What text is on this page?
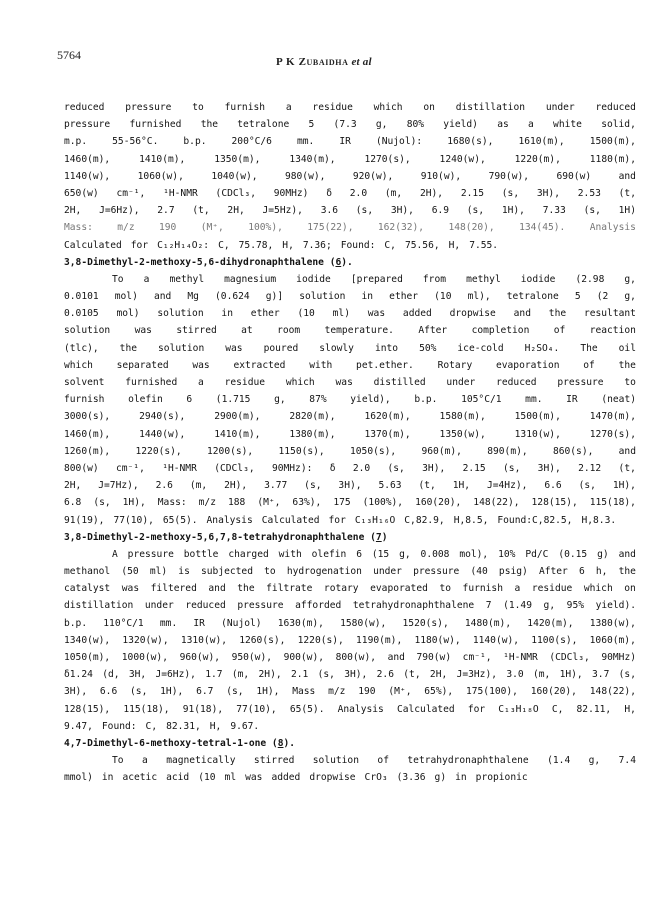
5764	P K Zubaidha et al
reduced pressure to furnish a residue which on distillation under reduced
pressure furnished the tetralone 5 (7.3 g, 80% yield) as a white solid,
m.p.	55-56°C.	b.p.	200°C/6	mm.	IR	(Nujol):	1680(s),	1610(m),	1500(m),
1460(m),	1410(m),	1350(m),	1340(m),	1270(s),	1240(w),	1220(m),	1180(m),
1140(w),	1060(w),	1040(w),	980(w),	920(w),	910(w),	790(w),	690(w)	and
650(w) cm⁻¹, ¹H-NMR (CDCl₃, 90MHz) δ 2.0 (m, 2H), 2.15 (s, 3H), 2.53 (t,
2H, J=6Hz), 2.7 (t, 2H, J=5Hz), 3.6 (s, 3H), 6.9 (s, 1H), 7.33 (s, 1H)
Mass:	m/z	190	(M⁺,	100%),	175(22),	162(32),	148(20),	134(45).	Analysis
Calculated for C₁₂H₁₄O₂: C, 75.78, H, 7.36; Found: C, 75.56, H, 7.55.
3,8-Dimethyl-2-methoxy-5,6-dihydronaphthalene ( 6 ).
To a methyl magnesium iodide [prepared from methyl iodide (2.98 g,
0.0101 mol) and Mg (0.624 g)] solution in ether (10 ml), tetralone 5 (2 g,
0.0105 mol) solution in ether (10 ml) was added dropwise and the resultant
solution	was	stirred	at	room	temperature.	After	completion	of	reaction
(tlc), the solution was poured slowly into 50% ice-cold H₂SO₄. The oil
which separated was extracted with pet.ether. Rotary evaporation of the
solvent furnished a residue which was distilled under reduced pressure to
furnish olefin 6 (1.715 g, 87% yield), b.p. 105°C/1 mm. IR (neat)
3000(s),	2940(s),	2900(m),	2820(m),	1620(m),	1580(m),	1500(m),	1470(m),
1460(m),	1440(w),	1410(m),	1380(m),	1370(m),	1350(w),	1310(w),	1270(s),
1260(m),	1220(s),	1200(s),	1150(s),	1050(s),	960(m),	890(m),	860(s),	and
800(w) cm⁻¹, ¹H-NMR (CDCl₃, 90MHz): δ 2.0 (s, 3H), 2.15 (s, 3H), 2.12 (t,
2H, J=7Hz), 2.6 (m, 2H), 3.77 (s, 3H), 5.63 (t, 1H, J=4Hz), 6.6 (s, 1H),
6.8 (s, 1H), Mass: m/z 188 (M⁺, 63%), 175 (100%), 160(20), 148(22), 128(15), 115(18),
91(19), 77(10), 65(5). Analysis Calculated for C₁₃H₁₆O C,82.9, H,8.5, Found:C,82.5, H,8.3.
3,8-Dimethyl-2-methoxy-5,6,7,8-tetrahydronaphthalene ( 7 )
A pressure bottle charged with olefin 6 (15 g, 0.008 mol), 10% Pd/C (0.15 g) and
methanol (50 ml) is subjected to hydrogenation under pressure (40 psig) After 6 h, the
catalyst was filtered and the filtrate rotary evaporated to furnish a residue which on
distillation under reduced pressure afforded tetrahydronaphthalene 7 (1.49 g, 95% yield).
b.p. 110°C/1 mm. IR (Nujol) 1630(m), 1580(w), 1520(s), 1480(m), 1420(m), 1380(w),
1340(w), 1320(w), 1310(w), 1260(s), 1220(s), 1190(m), 1180(w), 1140(w), 1100(s), 1060(m),
1050(m), 1000(w), 960(w), 950(w), 900(w), 800(w), and 790(w) cm⁻¹, ¹H-NMR (CDCl₃, 90MHz)
δ1.24 (d, 3H, J=6Hz), 1.7 (m, 2H), 2.1 (s, 3H), 2.6 (t, 2H, J=3Hz), 3.0 (m, 1H), 3.7 (s,
3H), 6.6 (s, 1H), 6.7 (s, 1H), Mass m/z 190 (M⁺, 65%), 175(100), 160(20), 148(22),
128(15), 115(18), 91(18), 77(10), 65(5). Analysis Calculated for C₁₃H₁₈O C, 82.11, H,
9.47, Found: C, 82.31, H, 9.67.
4,7-Dimethyl-6-methoxy-tetral-1-one ( 8 ).
To a magnetically stirred solution of tetrahydronaphthalene (1.4 g, 7.4
mmol) in acetic acid (10 ml was added dropwise CrO₃ (3.36 g) in propionic
